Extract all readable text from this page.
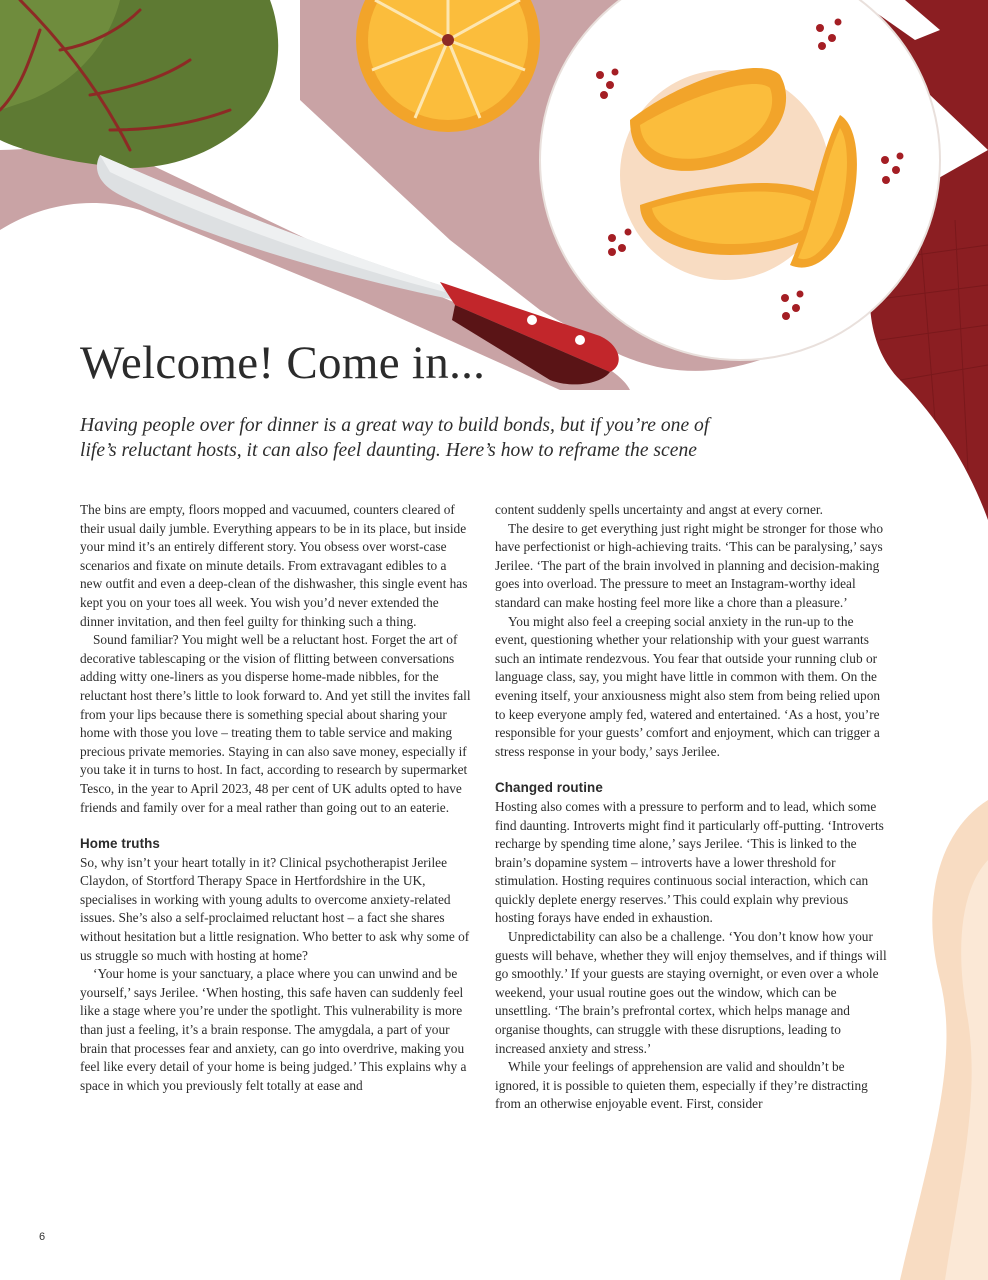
Welcome! Come in...

Having people over for dinner is a great way to build bonds, but if you’re one of
life’s reluctant hosts, it can also feel daunting. Here’s how to reframe the scene

The bins are empty, floors mopped and vacuumed, counters cleared of their usual daily jumble. Everything appears to be in its place, but inside your mind it’s an entirely different story. You obsess over worst-case scenarios and fixate on minute details. From extravagant edibles to a new outfit and even a deep-clean of the dishwasher, this single event has kept you on your toes all week. You wish you’d never extended the dinner invitation, and then feel guilty for thinking such a thing.

Sound familiar? You might well be a reluctant host. Forget the art of decorative tablescaping or the vision of flitting between conversations adding witty one-liners as you disperse home-made nibbles, for the reluctant host there’s little to look forward to. And yet still the invites fall from your lips because there is something special about sharing your home with those you love – treating them to table service and making precious private memories. Staying in can also save money, especially if you take it in turns to host. In fact, according to research by supermarket Tesco, in the year to April 2023, 48 per cent of UK adults opted to have friends and family over for a meal rather than going out to an eaterie.

Home truths

So, why isn’t your heart totally in it? Clinical psychotherapist Jerilee Claydon, of Stortford Therapy Space in Hertfordshire in the UK, specialises in working with young adults to overcome anxiety-related issues. She’s also a self-proclaimed reluctant host – a fact she shares without hesitation but a little resignation. Who better to ask why some of us struggle so much with hosting at home?

‘Your home is your sanctuary, a place where you can unwind and be yourself,’ says Jerilee. ‘When hosting, this safe haven can suddenly feel like a stage where you’re under the spotlight. This vulnerability is more than just a feeling, it’s a brain response. The amygdala, a part of your brain that processes fear and anxiety, can go into overdrive, making you feel like every detail of your home is being judged.’ This explains why a space in which you previously felt totally at ease and

content suddenly spells uncertainty and angst at every corner.

The desire to get everything just right might be stronger for those who have perfectionist or high-achieving traits. ‘This can be paralysing,’ says Jerilee. ‘The part of the brain involved in planning and decision-making goes into overload. The pressure to meet an Instagram-worthy ideal standard can make hosting feel more like a chore than a pleasure.’

You might also feel a creeping social anxiety in the run-up to the event, questioning whether your relationship with your guest warrants such an intimate rendezvous. You fear that outside your running club or language class, say, you might have little in common with them. On the evening itself, your anxiousness might also stem from being relied upon to keep everyone amply fed, watered and entertained. ‘As a host, you’re responsible for your guests’ comfort and enjoyment, which can trigger a stress response in your body,’ says Jerilee.

Changed routine

Hosting also comes with a pressure to perform and to lead, which some find daunting. Introverts might find it particularly off-putting. ‘Introverts recharge by spending time alone,’ says Jerilee. ‘This is linked to the brain’s dopamine system – introverts have a lower threshold for stimulation. Hosting requires continuous social interaction, which can quickly deplete energy reserves.’ This could explain why previous hosting forays have ended in exhaustion.

Unpredictability can also be a challenge. ‘You don’t know how your guests will behave, whether they will enjoy themselves, and if things will go smoothly.’ If your guests are staying overnight, or even over a whole weekend, your usual routine goes out the window, which can be unsettling. ‘The brain’s prefrontal cortex, which helps manage and organise thoughts, can struggle with these disruptions, leading to increased anxiety and stress.’

While your feelings of apprehension are valid and shouldn’t be ignored, it is possible to quieten them, especially if they’re distracting from an otherwise enjoyable event. First, consider

6
